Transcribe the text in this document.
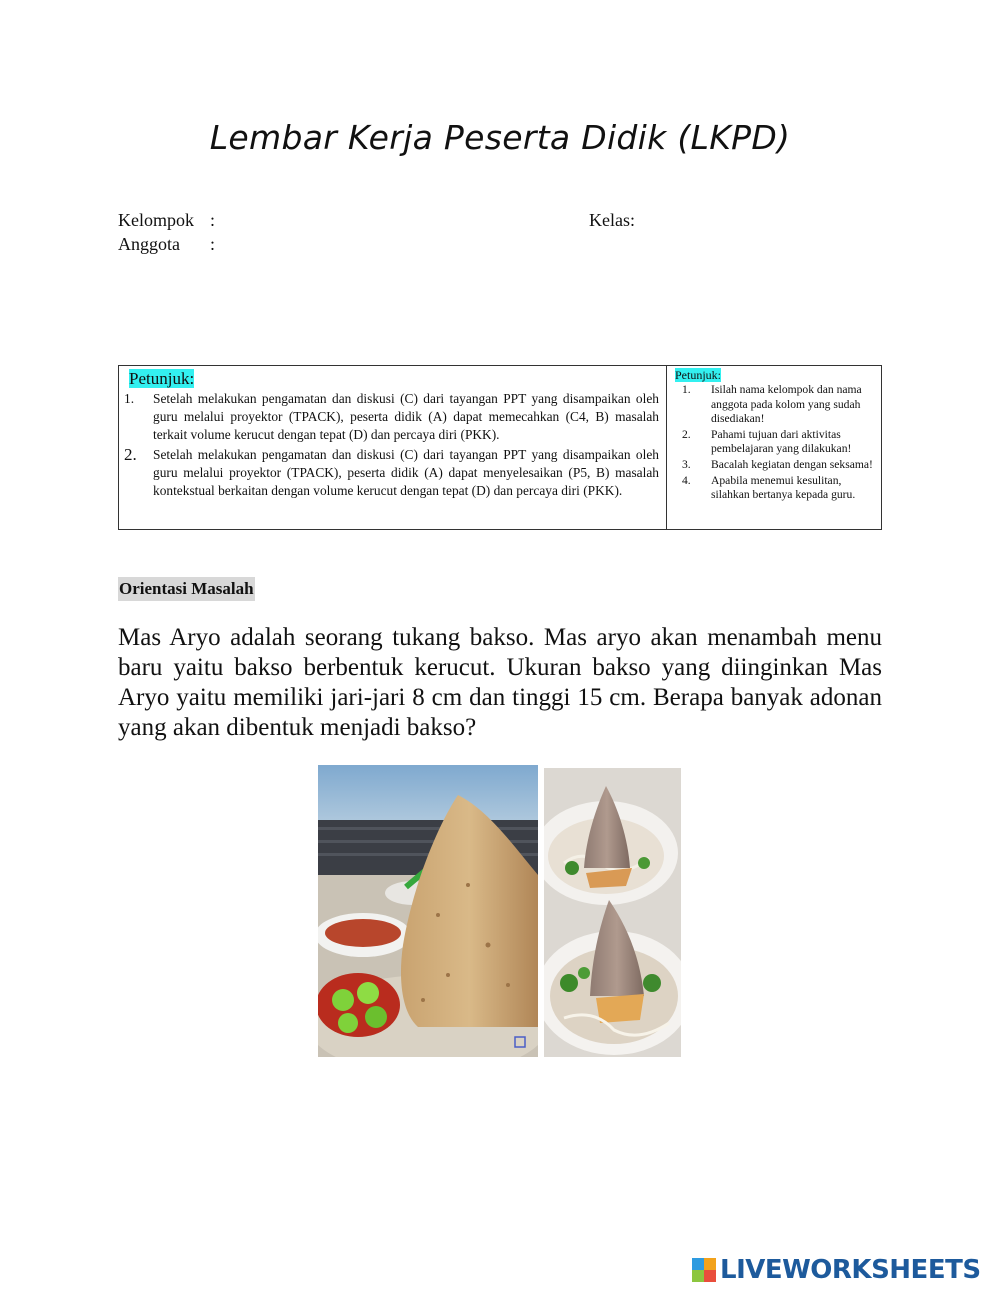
Lembar Kerja Peserta Didik (LKPD)
Kelompok :
Anggota :
Kelas:
Petunjuk:
1. Setelah melakukan pengamatan dan diskusi (C) dari tayangan PPT yang disampaikan oleh guru melalui proyektor (TPACK), peserta didik (A) dapat memecahkan (C4, B) masalah terkait volume kerucut dengan tepat (D) dan percaya diri (PKK).
2. Setelah melakukan pengamatan dan diskusi (C) dari tayangan PPT yang disampaikan oleh guru melalui proyektor (TPACK), peserta didik (A) dapat menyelesaikan (P5, B) masalah kontekstual berkaitan dengan volume kerucut dengan tepat (D) dan percaya diri (PKK).
Petunjuk:
1. Isilah nama kelompok dan nama anggota pada kolom yang sudah disediakan!
2. Pahami tujuan dari aktivitas pembelajaran yang dilakukan!
3. Bacalah kegiatan dengan seksama!
4. Apabila menemui kesulitan, silahkan bertanya kepada guru.
Orientasi Masalah

Mas Aryo adalah seorang tukang bakso. Mas aryo akan menambah menu baru yaitu bakso berbentuk kerucut. Ukuran bakso yang diinginkan Mas Aryo yaitu memiliki jari-jari 8 cm dan tinggi 15 cm. Berapa banyak adonan yang akan dibentuk menjadi bakso?

LIVEWORKSHEETS
